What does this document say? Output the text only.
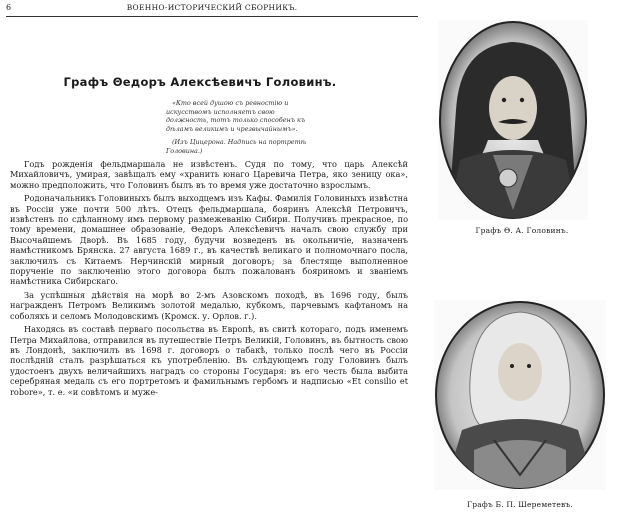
6	ВОЕННО-ИСТОРИЧЕСКИЙ СБОРНИКЪ.
Графъ Θедоръ Алексѣевичъ Головинъ.

«Кто всей душою съ ревностію и искусствомъ исполняетъ свою должность, тотъ только способенъ къ дѣламъ великимъ и чрезвычайнымъ».

(Изъ Цицерона. Надпись на портретѣ Головина.)

Годъ рожденія фельдмаршала не извѣстенъ. Судя по тому, что царь Алексѣй Михайловичъ, умирая, завѣщалъ ему «хранить юнаго Царевича Петра, яко зеницу ока», можно предположить, что Головинъ былъ въ то время уже достаточно взрослымъ.

Родоначальникъ Головиныхъ былъ выходцемъ изъ Кафы. Фамилія Головиныхъ извѣстна въ Россіи уже почти 500 лѣтъ. Отецъ фельдмаршала, бояринъ Алексѣй Петровичъ, извѣстенъ по сдѣланному имъ первому размежеванію Сибири. Получивъ прекрасное, по тому времени, домашнее образованіе, Θедоръ Алексѣевичъ началъ свою службу при Высочайшемъ Дворѣ. Въ 1685 году, будучи возведенъ въ окольничіе, назначенъ намѣстникомъ Брянска. 27 августа 1689 г., въ качествѣ великаго и полномочнаго посла, заключилъ съ Китаемъ Нерчинскій мирный договоръ; за блестяще выполненное порученіе по заключенію этого договора былъ пожалованъ бояриномъ и званіемъ намѣстника Сибирскаго.

За успѣшныя дѣйствія на морѣ во 2-мъ Азовскомъ походѣ, въ 1696 году, былъ награжденъ Петромъ Великимъ золотой медалью, кубкомъ, парчевымъ кафтаномъ на соболяхъ и селомъ Молодовскимъ (Кромск. у. Орлов. г.).

Находясь въ составѣ перваго посольства въ Европѣ, въ свитѣ котораго, подъ именемъ Петра Михайлова, отправился въ путешествіе Петръ Великій, Головинъ, въ бытность свою въ Лондонѣ, заключилъ въ 1698 г. договоръ о табакѣ, только послѣ чего въ Россіи послѣдній сталъ разрѣшаться къ употребленію. Въ слѣдующемъ году Головинъ былъ удостоенъ двухъ величайшихъ наградъ со стороны Государя: въ его честь была выбита серебряная медаль съ его портретомъ и фамильнымъ гербомъ и надписью «Et consilio et robore», т. е. «и совѣтомъ и муже-

Графъ Θ. А. Головинъ.
Графъ Б. П. Шереметевъ.
